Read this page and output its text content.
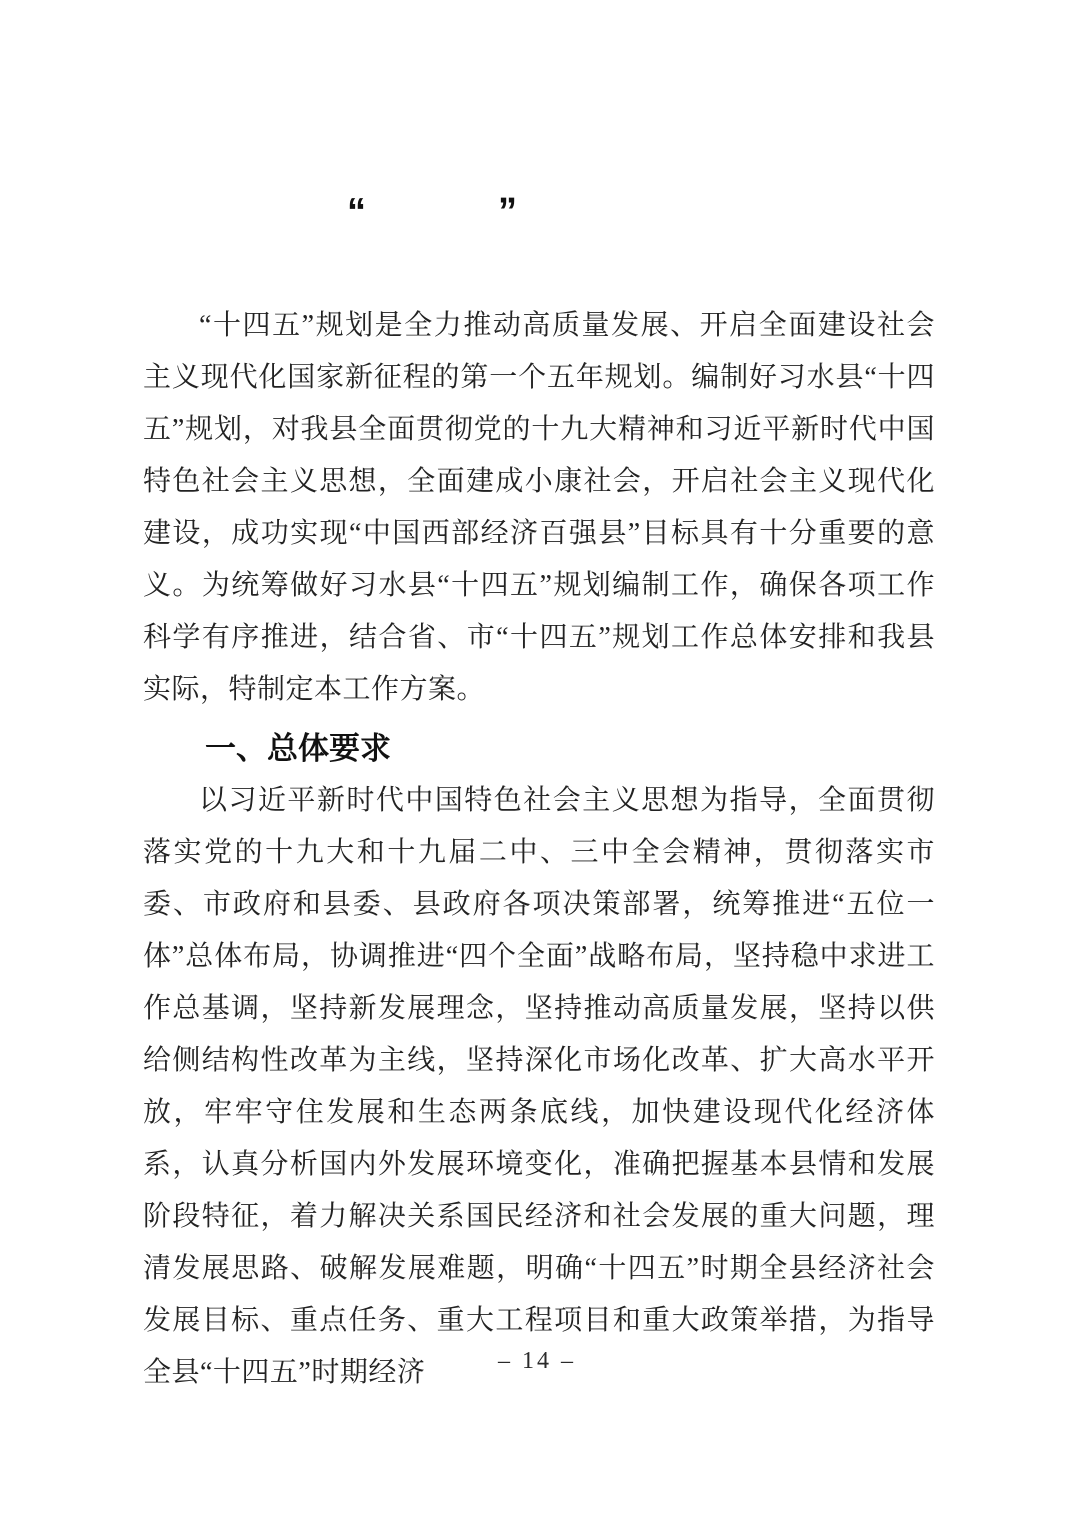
“	”

“十四五”规划是全力推动高质量发展、开启全面建设社会主义现代化国家新征程的第一个五年规划。编制好习水县“十四五”规划，对我县全面贯彻党的十九大精神和习近平新时代中国特色社会主义思想，全面建成小康社会，开启社会主义现代化建设，成功实现“中国西部经济百强县”目标具有十分重要的意义。为统筹做好习水县“十四五”规划编制工作，确保各项工作科学有序推进，结合省、市“十四五”规划工作总体安排和我县实际，特制定本工作方案。

一、总体要求

以习近平新时代中国特色社会主义思想为指导，全面贯彻落实党的十九大和十九届二中、三中全会精神，贯彻落实市委、市政府和县委、县政府各项决策部署，统筹推进“五位一体”总体布局，协调推进“四个全面”战略布局，坚持稳中求进工作总基调，坚持新发展理念，坚持推动高质量发展，坚持以供给侧结构性改革为主线，坚持深化市场化改革、扩大高水平开放，牢牢守住发展和生态两条底线，加快建设现代化经济体系，认真分析国内外发展环境变化，准确把握基本县情和发展阶段特征，着力解决关系国民经济和社会发展的重大问题，理清发展思路、破解发展难题，明确“十四五”时期全县经济社会发展目标、重点任务、重大工程项目和重大政策举措，为指导全县“十四五”时期经济	– 14 –
